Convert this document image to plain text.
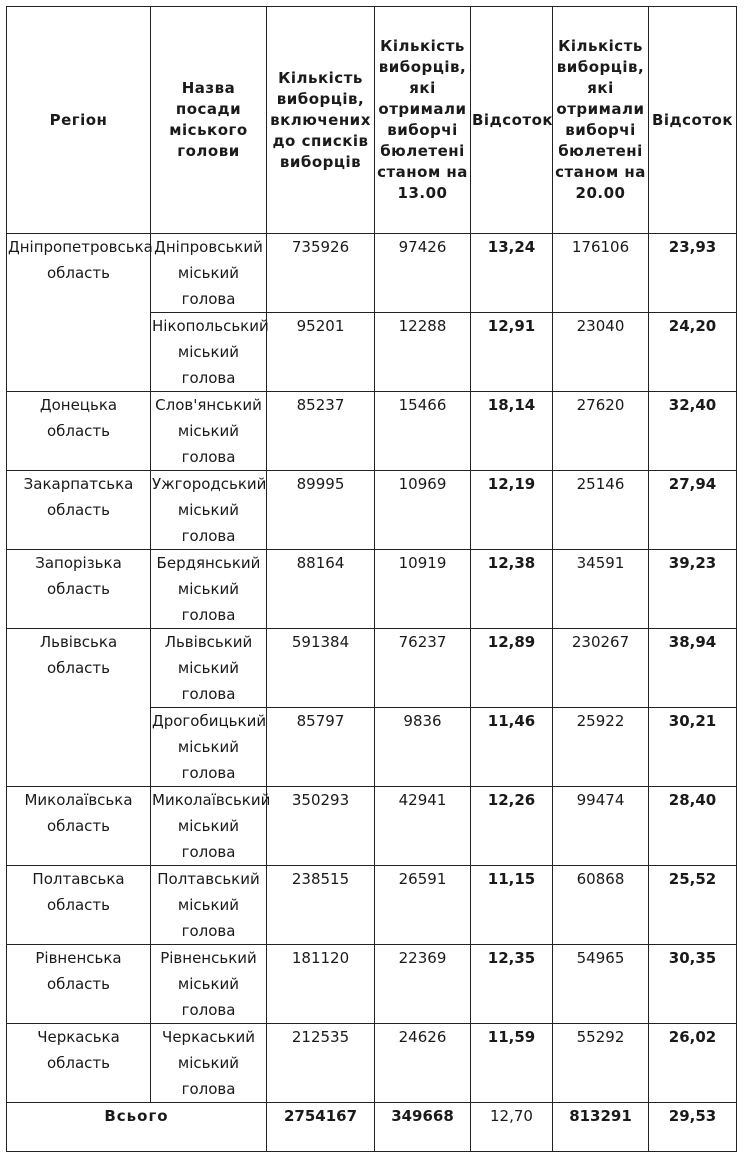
Регіон	Назва посади міського голови	Кількість виборців, включених до списків виборців	Кількість виборців, які отримали виборчі бюлетені станом на 13.00	Відсоток	Кількість виборців, які отримали виборчі бюлетені станом на 20.00	Відсоток
Дніпропетровська область	Дніпровський міський голова	735926	97426	13,24	176106	23,93
	Нікопольський міський голова	95201	12288	12,91	23040	24,20
Донецька область	Слов'янський міський голова	85237	15466	18,14	27620	32,40
Закарпатська область	Ужгородський міський голова	89995	10969	12,19	25146	27,94
Запорізька область	Бердянський міський голова	88164	10919	12,38	34591	39,23
Львівська область	Львівський міський голова	591384	76237	12,89	230267	38,94
	Дрогобицький міський голова	85797	9836	11,46	25922	30,21
Миколаївська область	Миколаївський міський голова	350293	42941	12,26	99474	28,40
Полтавська область	Полтавський міський голова	238515	26591	11,15	60868	25,52
Рівненська область	Рівненський міський голова	181120	22369	12,35	54965	30,35
Черкаська область	Черкаський міський голова	212535	24626	11,59	55292	26,02
Всього		2754167	349668	12,70	813291	29,53
